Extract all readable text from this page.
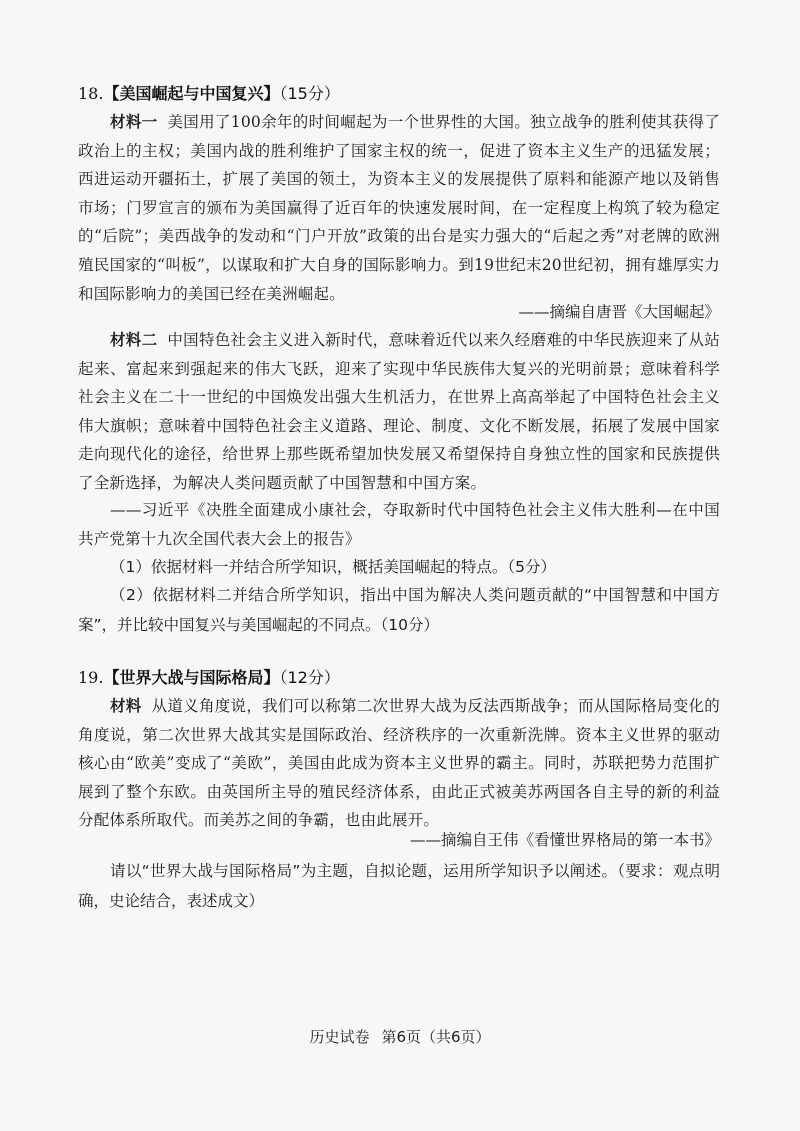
18.【美国崛起与中国复兴】（15分）
材料一 美国用了100余年的时间崛起为一个世界性的大国。独立战争的胜利使其获得了政治上的主权；美国内战的胜利维护了国家主权的统一，促进了资本主义生产的迅猛发展；西进运动开疆拓土，扩展了美国的领土，为资本主义的发展提供了原料和能源产地以及销售市场；门罗宣言的颁布为美国赢得了近百年的快速发展时间，在一定程度上构筑了较为稳定的“后院”；美西战争的发动和“门户开放”政策的出台是实力强大的“后起之秀”对老牌的欧洲殖民国家的“叫板”，以谋取和扩大自身的国际影响力。到19世纪末20世纪初，拥有雄厚实力和国际影响力的美国已经在美洲崛起。
——摘编自唐晋《大国崛起》
材料二 中国特色社会主义进入新时代，意味着近代以来久经磨难的中华民族迎来了从站起来、富起来到强起来的伟大飞跃，迎来了实现中华民族伟大复兴的光明前景；意味着科学社会主义在二十一世纪的中国焕发出强大生机活力，在世界上高高举起了中国特色社会主义伟大旗帜；意味着中国特色社会主义道路、理论、制度、文化不断发展，拓展了发展中国家走向现代化的途径，给世界上那些既希望加快发展又希望保持自身独立性的国家和民族提供了全新选择，为解决人类问题贡献了中国智慧和中国方案。
——习近平《决胜全面建成小康社会，夺取新时代中国特色社会主义伟大胜利—在中国共产党第十九次全国代表大会上的报告》
（1）依据材料一并结合所学知识，概括美国崛起的特点。（5分）
（2）依据材料二并结合所学知识，指出中国为解决人类问题贡献的“中国智慧和中国方案”，并比较中国复兴与美国崛起的不同点。（10分）
19.【世界大战与国际格局】（12分）
材料 从道义角度说，我们可以称第二次世界大战为反法西斯战争；而从国际格局变化的角度说，第二次世界大战其实是国际政治、经济秩序的一次重新洗牌。资本主义世界的驱动核心由“欧美”变成了“美欧”，美国由此成为资本主义世界的霸主。同时，苏联把势力范围扩展到了整个东欧。由英国所主导的殖民经济体系，由此正式被美苏两国各自主导的新的利益分配体系所取代。而美苏之间的争霸，也由此展开。
——摘编自王伟《看懂世界格局的第一本书》
请以“世界大战与国际格局”为主题，自拟论题，运用所学知识予以阐述。（要求：观点明确，史论结合，表述成文）
历史试卷 第6页（共6页）
